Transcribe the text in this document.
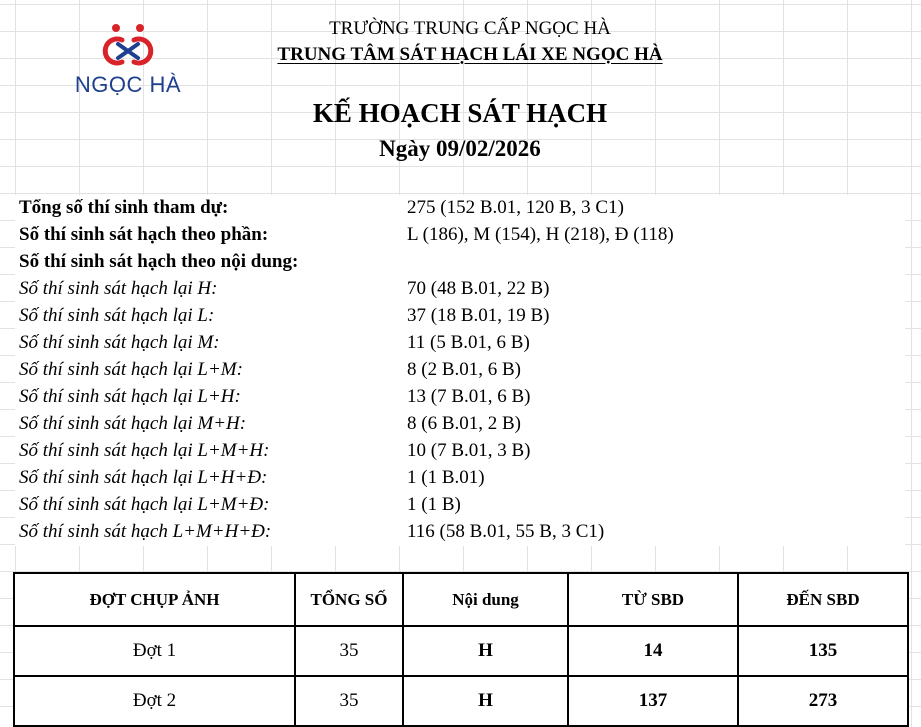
NGỌC HÀ
TRƯỜNG TRUNG CẤP NGỌC HÀ
TRUNG TÂM SÁT HẠCH LÁI XE NGỌC HÀ
KẾ HOẠCH SÁT HẠCH
Ngày 09/02/2026
Tổng số thí sinh tham dự:	275 (152 B.01, 120 B, 3 C1)
Số thí sinh sát hạch theo phần:	L (186), M (154), H (218), Đ (118)
Số thí sinh sát hạch theo nội dung:
Số thí sinh sát hạch lại H:	70 (48 B.01, 22 B)
Số thí sinh sát hạch lại L:	37 (18 B.01, 19 B)
Số thí sinh sát hạch lại M:	11 (5 B.01, 6 B)
Số thí sinh sát hạch lại L+M:	8 (2 B.01, 6 B)
Số thí sinh sát hạch lại L+H:	13 (7 B.01, 6 B)
Số thí sinh sát hạch lại M+H:	8 (6 B.01, 2 B)
Số thí sinh sát hạch lại L+M+H:	10 (7 B.01, 3 B)
Số thí sinh sát hạch lại L+H+Đ:	1 (1 B.01)
Số thí sinh sát hạch lại L+M+Đ:	1 (1 B)
Số thí sinh sát hạch L+M+H+Đ:	116 (58 B.01, 55 B, 3 C1)
ĐỢT CHỤP ẢNH	TỔNG SỐ	Nội dung	TỪ SBD	ĐẾN SBD
Đợt 1	35	H	14	135
Đợt 2	35	H	137	273
